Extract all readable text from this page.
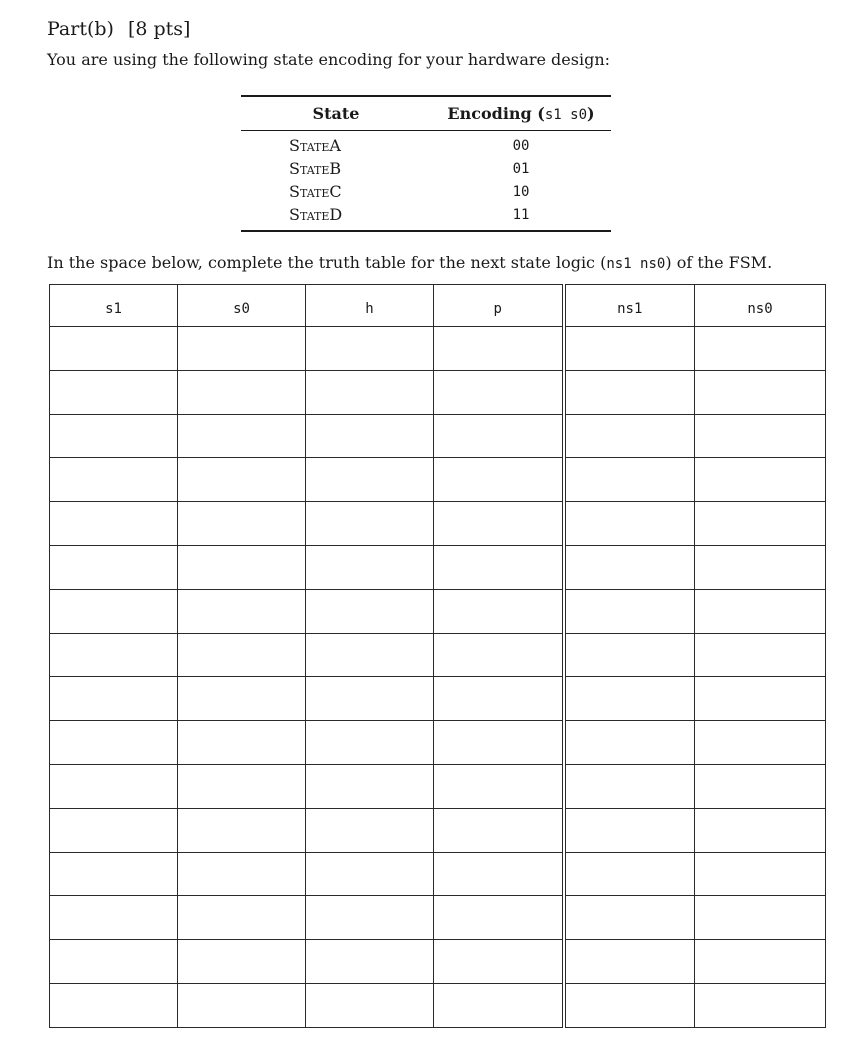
Part(b) [8 pts]
You are using the following state encoding for your hardware design:
State	Encoding (s1 s0)
StateA	00
StateB	01
StateC	10
StateD	11
In the space below, complete the truth table for the next state logic (ns1 ns0) of the FSM.
s1	s0	h	p	ns1	ns0
